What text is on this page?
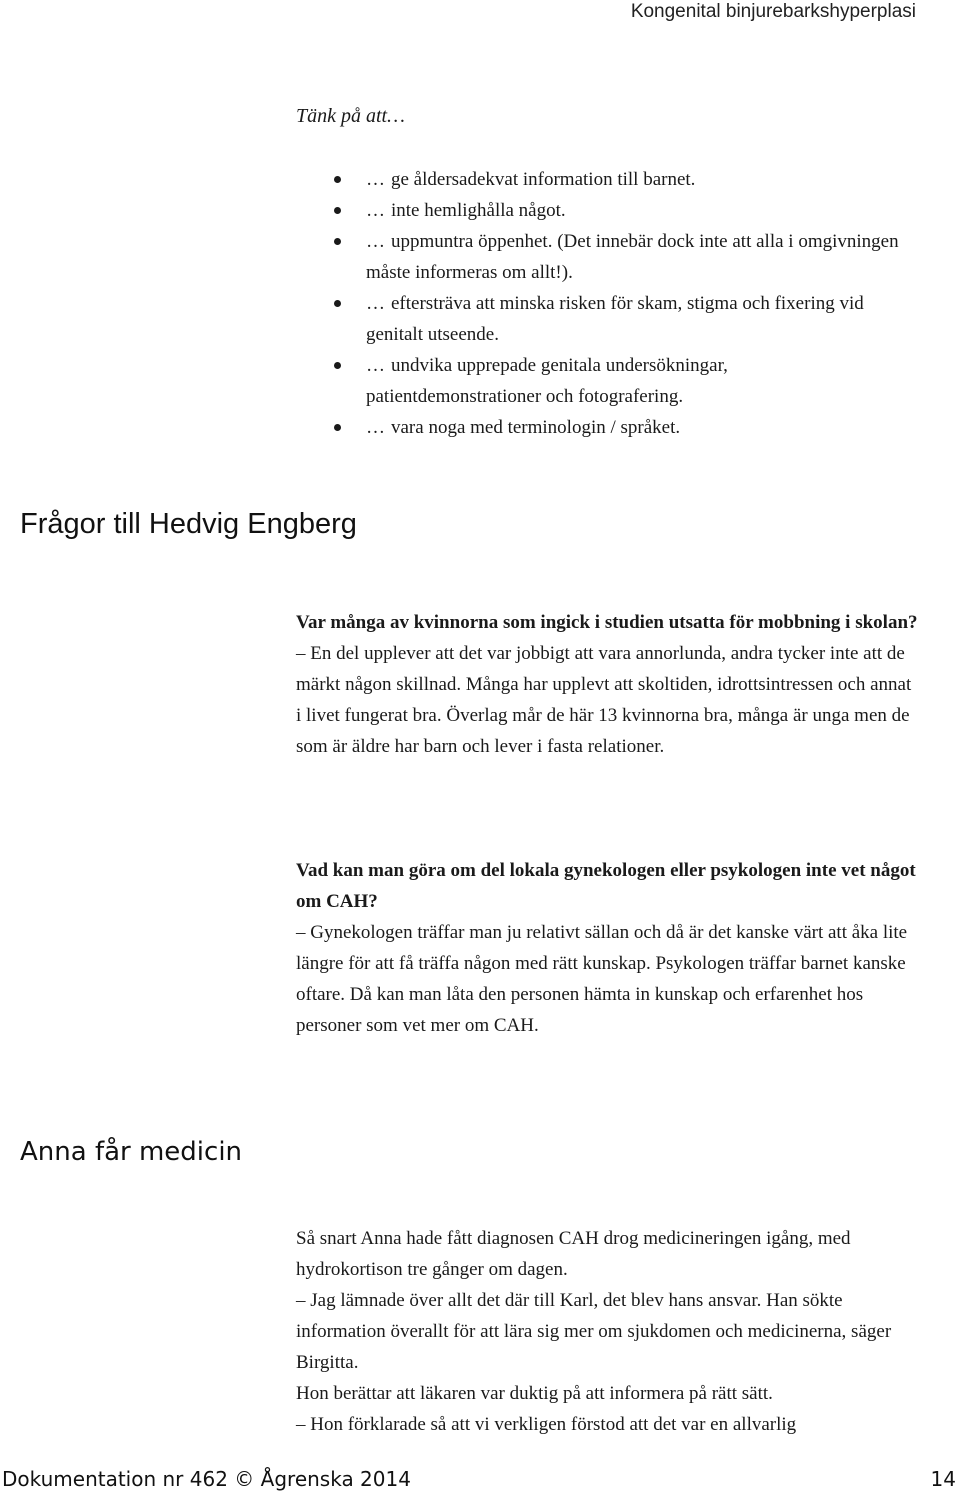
Kongenital binjurebarkshyperplasi
Tänk på att…
… ge åldersadekvat information till barnet.
… inte hemlighålla något.
… uppmuntra öppenhet. (Det innebär dock inte att alla i omgivningen måste informeras om allt!).
… eftersträva att minska risken för skam, stigma och fixering vid genitalt utseende.
… undvika upprepade genitala undersökningar, patientdemonstrationer och fotografering.
… vara noga med terminologin / språket.
Frågor till Hedvig Engberg

Var många av kvinnorna som ingick i studien utsatta för mobbning i skolan?

– En del upplever att det var jobbigt att vara annorlunda, andra tycker inte att de märkt någon skillnad. Många har upplevt att skoltiden, idrottsintressen och annat i livet fungerat bra. Överlag mår de här 13 kvinnorna bra, många är unga men de som är äldre har barn och lever i fasta relationer.

Vad kan man göra om del lokala gynekologen eller psykologen inte vet något om CAH?

– Gynekologen träffar man ju relativt sällan och då är det kanske värt att åka lite längre för att få träffa någon med rätt kunskap. Psykologen träffar barnet kanske oftare. Då kan man låta den personen hämta in kunskap och erfarenhet hos personer som vet mer om CAH.

Anna får medicin

Så snart Anna hade fått diagnosen CAH drog medicineringen igång, med hydrokortison tre gånger om dagen.

– Jag lämnade över allt det där till Karl, det blev hans ansvar. Han sökte information överallt för att lära sig mer om sjukdomen och medicinerna, säger Birgitta.

Hon berättar att läkaren var duktig på att informera på rätt sätt.

– Hon förklarade så att vi verkligen förstod att det var en allvarlig

Dokumentation nr 462 © Ågrenska 2014	14
